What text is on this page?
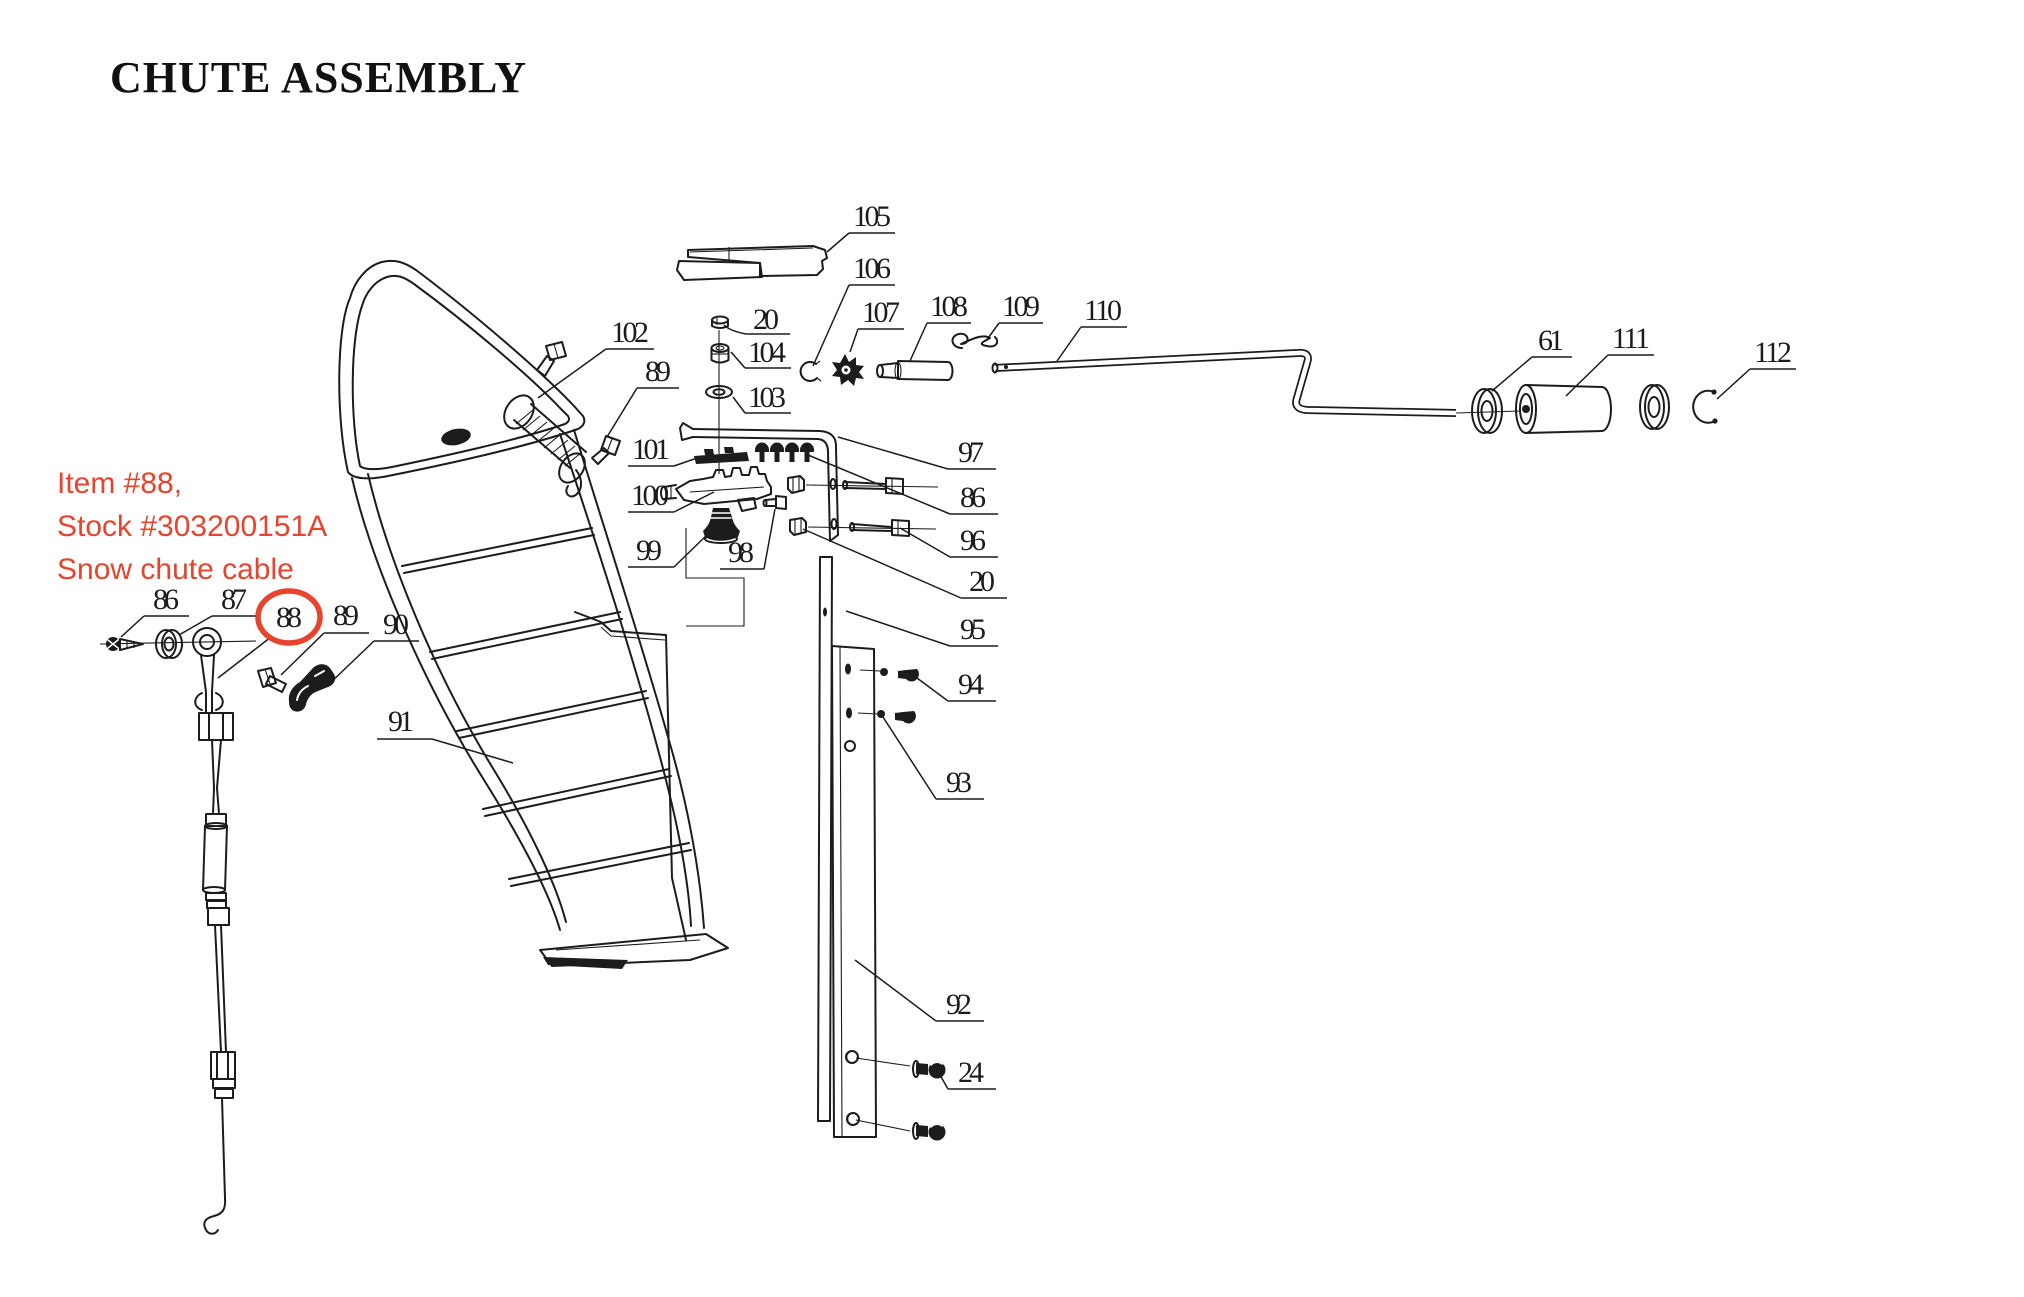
CHUTE ASSEMBLY
Item #88,
Stock #303200151A
Snow chute cable
20
104
103
102
89
105
106
107 108 109 110
61 111	112
101
100
99 98
97
86
96
20
95
94
93
92
24
86 87
88 89 90
91
